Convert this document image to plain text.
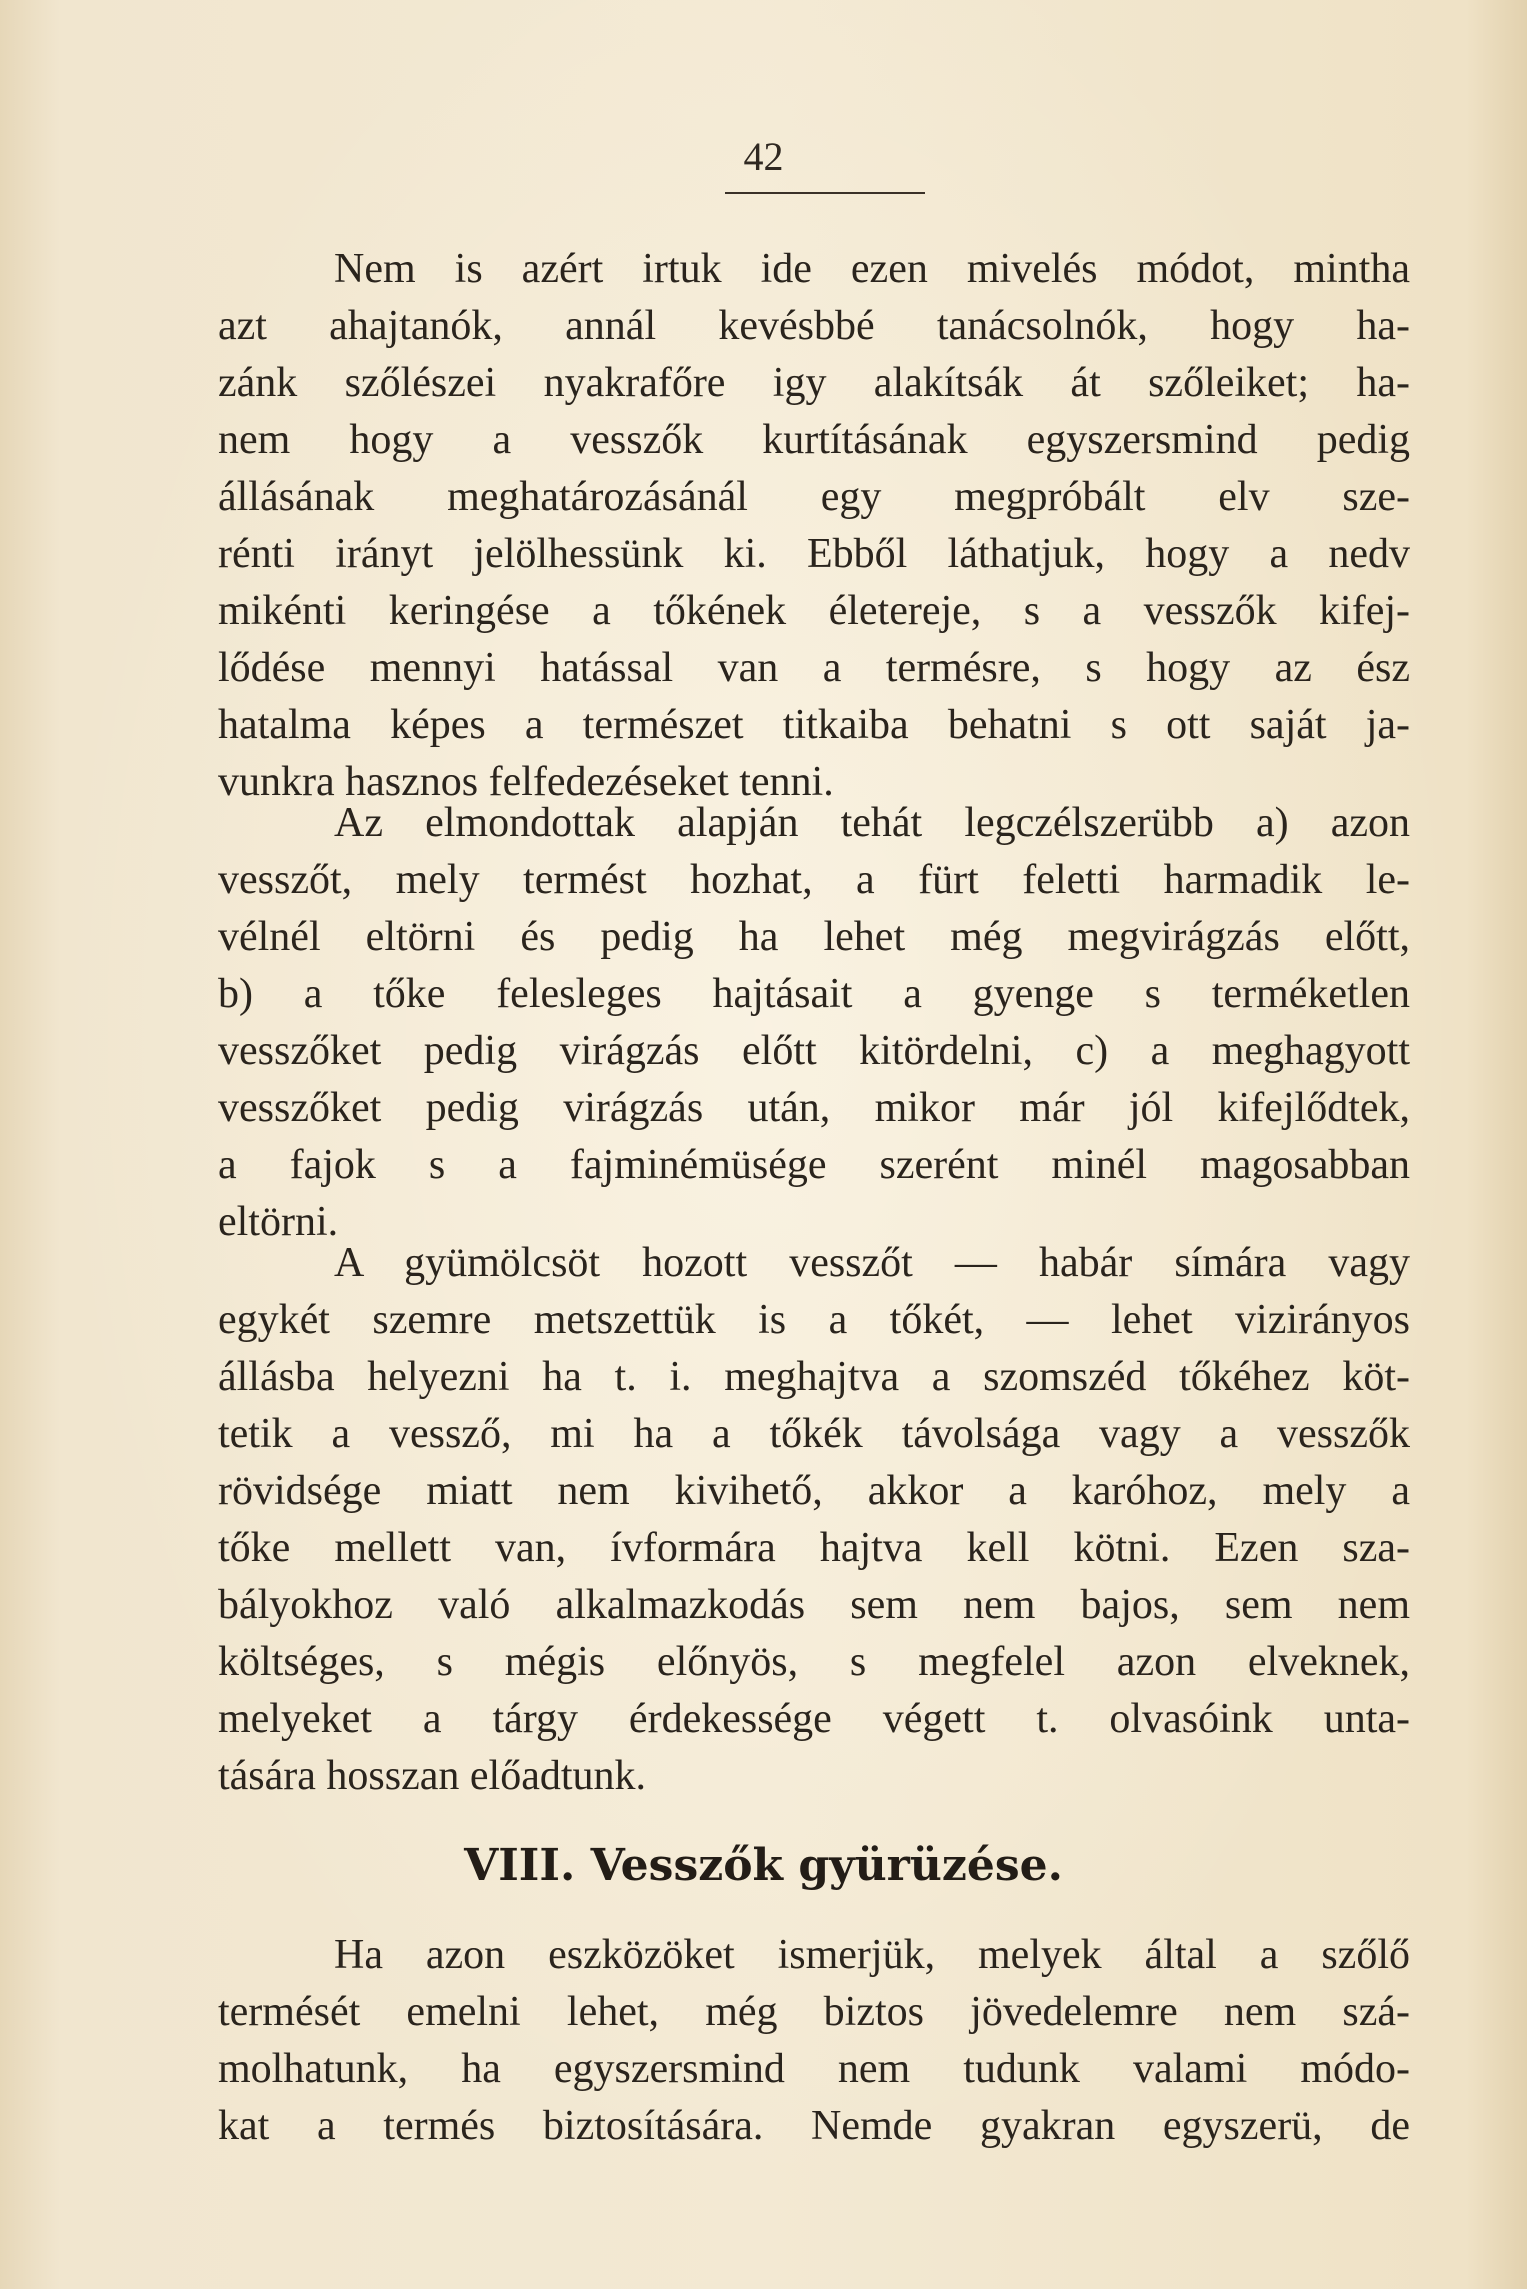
42
Nem is azért irtuk ide ezen mivelés módot, mintha
azt ahajtanók, annál kevésbbé tanácsolnók, hogy ha-
zánk szőlészei nyakrafőre igy alakítsák át szőleiket; ha-
nem hogy a vesszők kurtításának egyszersmind pedig
állásának meghatározásánál egy megpróbált elv sze-
rénti irányt jelölhessünk ki. Ebből láthatjuk, hogy a nedv
mikénti keringése a tőkének életereje, s a vesszők kifej-
lődése mennyi hatással van a termésre, s hogy az ész
hatalma képes a természet titkaiba behatni s ott saját ja-
vunkra hasznos felfedezéseket tenni.
Az elmondottak alapján tehát legczélszerübb a) azon
vesszőt, mely termést hozhat, a fürt feletti harmadik le-
vélnél eltörni és pedig ha lehet még megvirágzás előtt,
b) a tőke felesleges hajtásait a gyenge s terméketlen
vesszőket pedig virágzás előtt kitördelni, c) a meghagyott
vesszőket pedig virágzás után, mikor már jól kifejlődtek,
a fajok s a fajminémüsége szerént minél magosabban
eltörni.
A gyümölcsöt hozott vesszőt — habár símára vagy
egykét szemre metszettük is a tőkét, — lehet vizirányos
állásba helyezni ha t. i. meghajtva a szomszéd tőkéhez köt-
tetik a vessző, mi ha a tőkék távolsága vagy a vesszők
rövidsége miatt nem kivihető, akkor a karóhoz, mely a
tőke mellett van, ívformára hajtva kell kötni. Ezen sza-
bályokhoz való alkalmazkodás sem nem bajos, sem nem
költséges, s mégis előnyös, s megfelel azon elveknek,
melyeket a tárgy érdekessége végett t. olvasóink unta-
tására hosszan előadtunk.
VIII. Vesszők gyürüzése.
Ha azon eszközöket ismerjük, melyek által a szőlő
termését emelni lehet, még biztos jövedelemre nem szá-
molhatunk, ha egyszersmind nem tudunk valami módo-
kat a termés biztosítására. Nemde gyakran egyszerü, de
